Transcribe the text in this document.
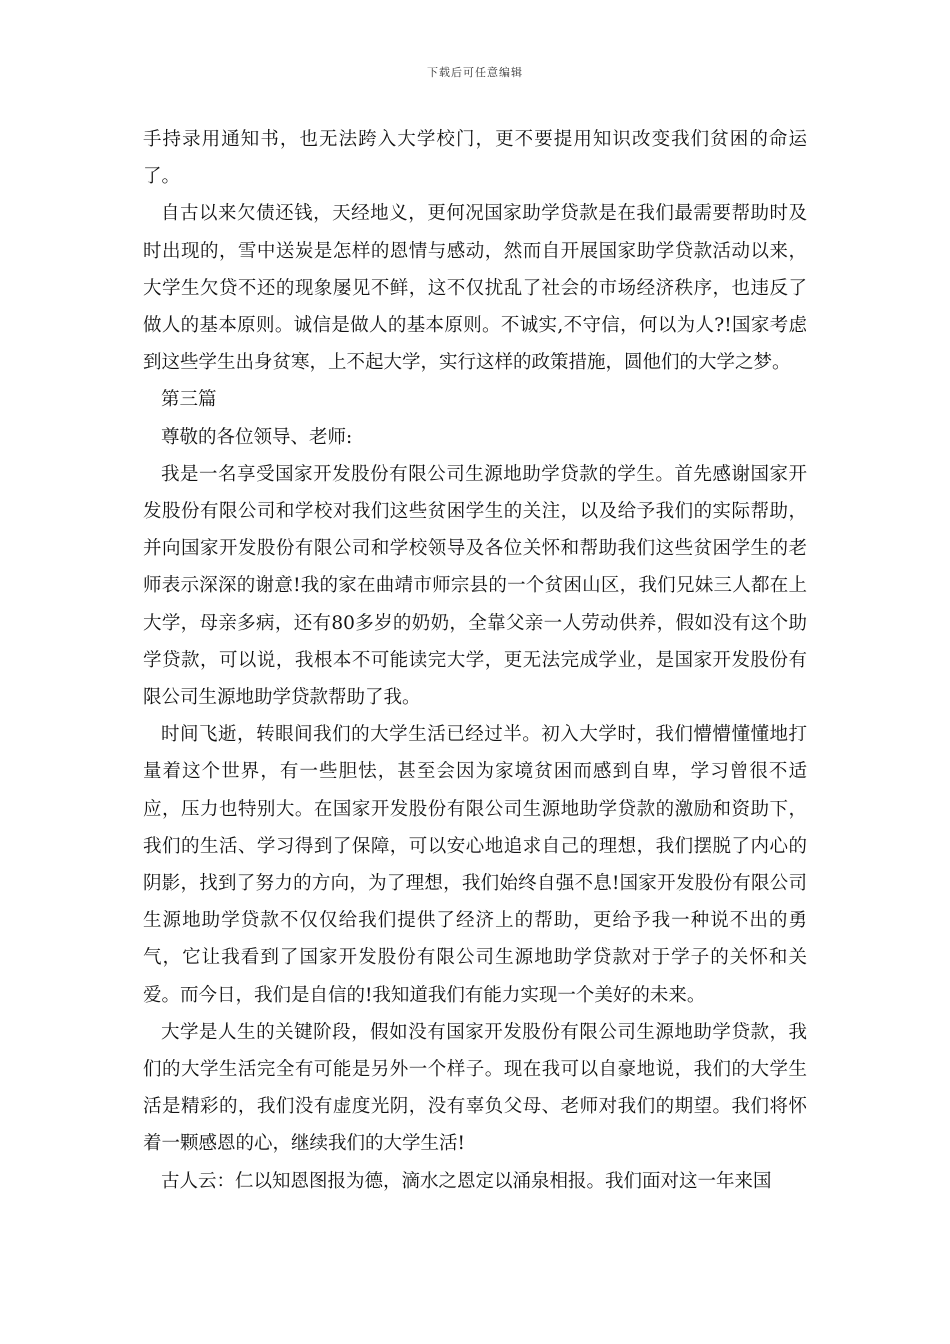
下载后可任意编辑

手持录用通知书，也无法跨入大学校门，更不要提用知识改变我们贫困的命运了。

自古以来欠债还钱，天经地义，更何况国家助学贷款是在我们最需要帮助时及时出现的，雪中送炭是怎样的恩情与感动，然而自开展国家助学贷款活动以来，大学生欠贷不还的现象屡见不鲜，这不仅扰乱了社会的市场经济秩序，也违反了做人的基本原则。诚信是做人的基本原则。不诚实,不守信，何以为人?!国家考虑到这些学生出身贫寒，上不起大学，实行这样的政策措施，圆他们的大学之梦。

第三篇

尊敬的各位领导、老师:

我是一名享受国家开发股份有限公司生源地助学贷款的学生。首先感谢国家开发股份有限公司和学校对我们这些贫困学生的关注，以及给予我们的实际帮助，并向国家开发股份有限公司和学校领导及各位关怀和帮助我们这些贫困学生的老师表示深深的谢意!我的家在曲靖市师宗县的一个贫困山区，我们兄妹三人都在上大学，母亲多病，还有80多岁的奶奶，全靠父亲一人劳动供养，假如没有这个助学贷款，可以说，我根本不可能读完大学，更无法完成学业，是国家开发股份有限公司生源地助学贷款帮助了我。

时间飞逝，转眼间我们的大学生活已经过半。初入大学时，我们懵懵懂懂地打量着这个世界，有一些胆怯，甚至会因为家境贫困而感到自卑，学习曾很不适应，压力也特别大。在国家开发股份有限公司生源地助学贷款的激励和资助下，我们的生活、学习得到了保障，可以安心地追求自己的理想，我们摆脱了内心的阴影，找到了努力的方向，为了理想，我们始终自强不息!国家开发股份有限公司生源地助学贷款不仅仅给我们提供了经济上的帮助，更给予我一种说不出的勇气，它让我看到了国家开发股份有限公司生源地助学贷款对于学子的关怀和关爱。而今日，我们是自信的!我知道我们有能力实现一个美好的未来。

大学是人生的关键阶段，假如没有国家开发股份有限公司生源地助学贷款，我们的大学生活完全有可能是另外一个样子。现在我可以自豪地说，我们的大学生活是精彩的，我们没有虚度光阴，没有辜负父母、老师对我们的期望。我们将怀着一颗感恩的心，继续我们的大学生活!

古人云：仁以知恩图报为德，滴水之恩定以涌泉相报。我们面对这一年来国
